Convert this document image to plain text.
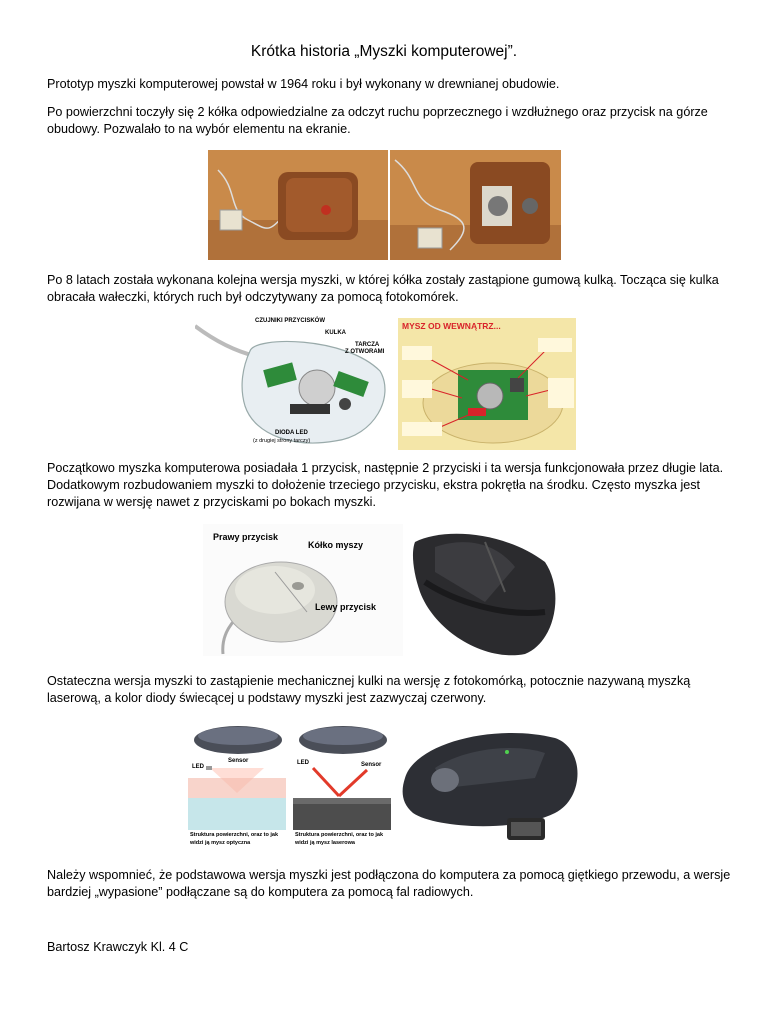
Krótka historia „Myszki komputerowej”.
Prototyp myszki komputerowej powstał w 1964 roku i był wykonany w drewnianej obudowie.
Po powierzchni toczyły się 2 kółka odpowiedzialne za odczyt ruchu poprzecznego i wzdłużnego oraz przycisk na górze obudowy. Pozwalało to na wybór elementu na ekranie.
Po 8 latach została wykonana kolejna wersja myszki, w której kółka zostały zastąpione gumową kulką. Tocząca się kulka obracała wałeczki, których ruch był odczytywany za pomocą fotokomórek.
CZUJNIKI PRZYCISKÓW
KULKA
TARCZA
Z OTWORAMI
DIODA LED
(z drugiej strony tarczy)
MYSZ OD WEWNĄTRZ...
Początkowo myszka komputerowa posiadała 1 przycisk, następnie 2 przyciski i ta wersja funkcjonowała przez długie lata. Dodatkowym rozbudowaniem myszki to dołożenie trzeciego przycisku, ekstra pokrętła na środku. Często myszka jest rozwijana w wersję nawet z przyciskami po bokach myszki.
Prawy przycisk
Kółko myszy
Lewy przycisk
Ostateczna wersja myszki to zastąpienie mechanicznej kulki na wersję z fotokomórką, potocznie nazywaną myszką laserową, a kolor diody świecącej u podstawy myszki jest zazwyczaj czerwony.
LED
Sensor
Struktura powierzchni, oraz to jak
widzi ją mysz optyczna
LED	Sensor
Struktura powierzchni, oraz to jak
widzi ją mysz laserowa
Należy wspomnieć, że podstawowa wersja myszki jest podłączona do komputera za pomocą giętkiego przewodu, a wersje bardziej „wypasione” podłączane są do komputera za pomocą fal radiowych.
Bartosz Krawczyk Kl. 4 C
